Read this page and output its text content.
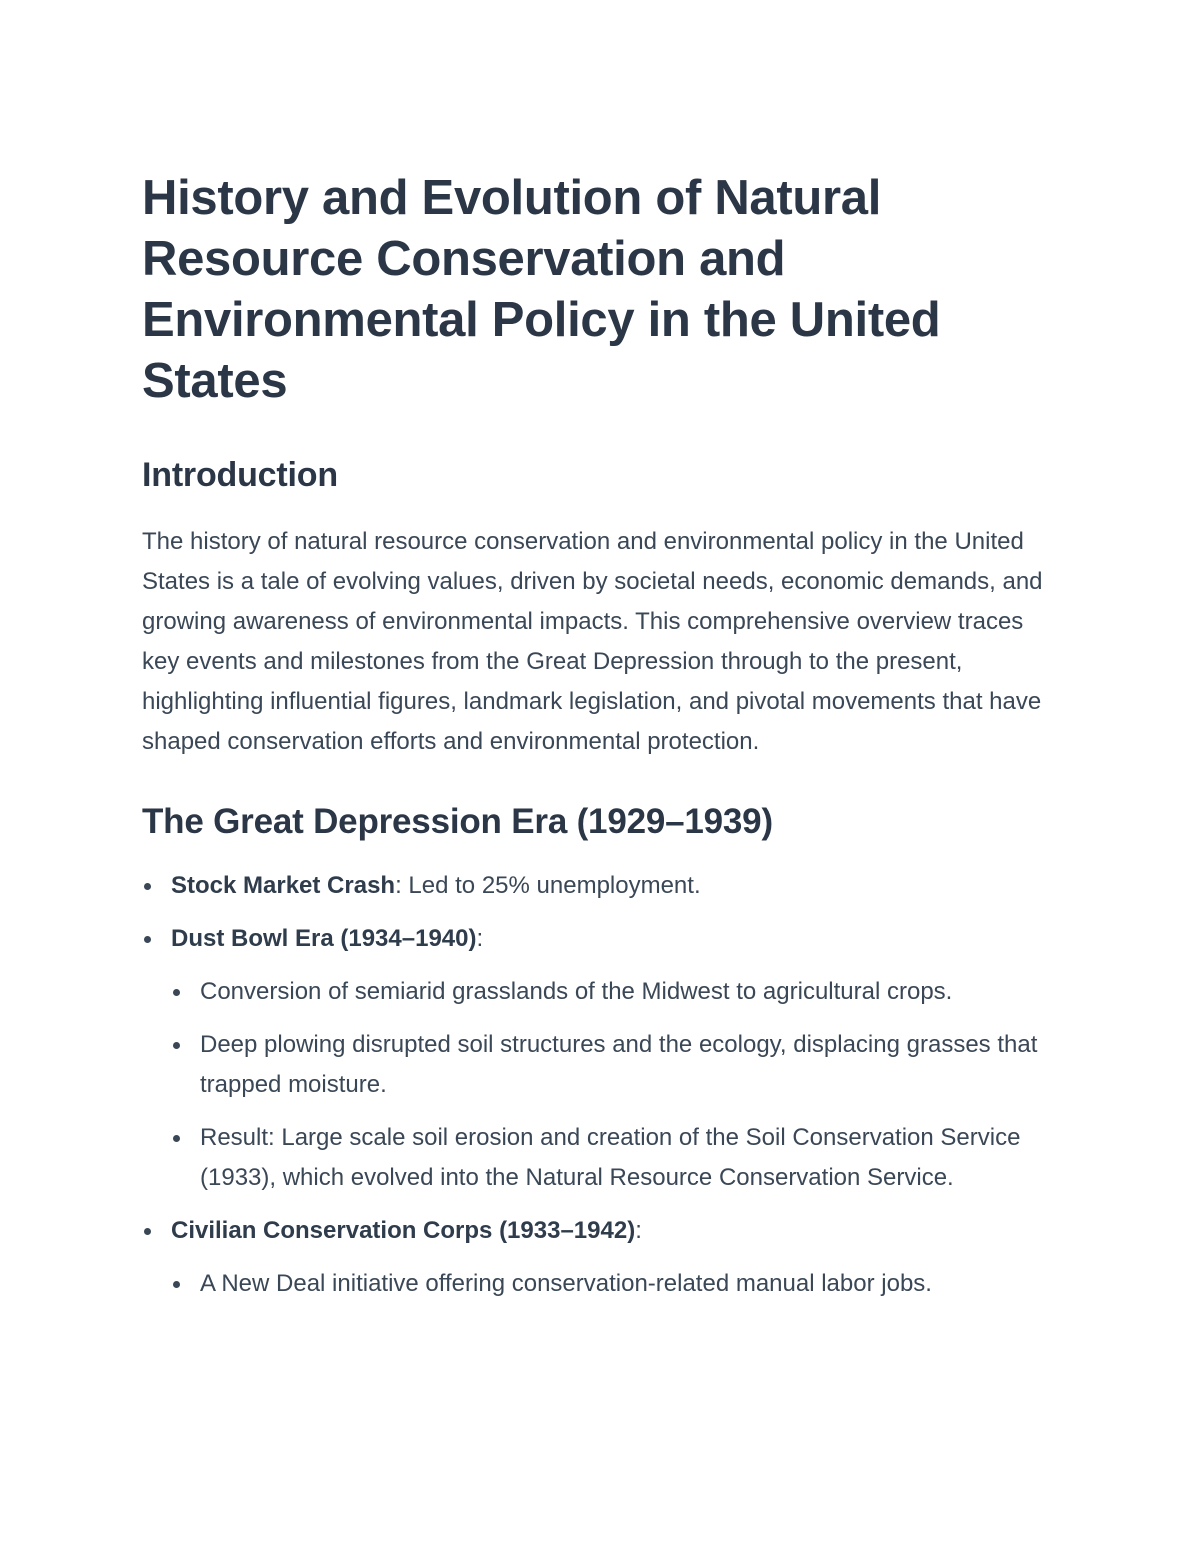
History and Evolution of Natural Resource Conservation and Environmental Policy in the United States
Introduction

The history of natural resource conservation and environmental policy in the United States is a tale of evolving values, driven by societal needs, economic demands, and growing awareness of environmental impacts. This comprehensive overview traces key events and milestones from the Great Depression through to the present, highlighting influential figures, landmark legislation, and pivotal movements that have shaped conservation efforts and environmental protection.

The Great Depression Era (1929–1939)
Stock Market Crash: Led to 25% unemployment.
Dust Bowl Era (1934–1940):
Conversion of semiarid grasslands of the Midwest to agricultural crops.
Deep plowing disrupted soil structures and the ecology, displacing grasses that trapped moisture.
Result: Large scale soil erosion and creation of the Soil Conservation Service (1933), which evolved into the Natural Resource Conservation Service.
Civilian Conservation Corps (1933–1942):
A New Deal initiative offering conservation-related manual labor jobs.
